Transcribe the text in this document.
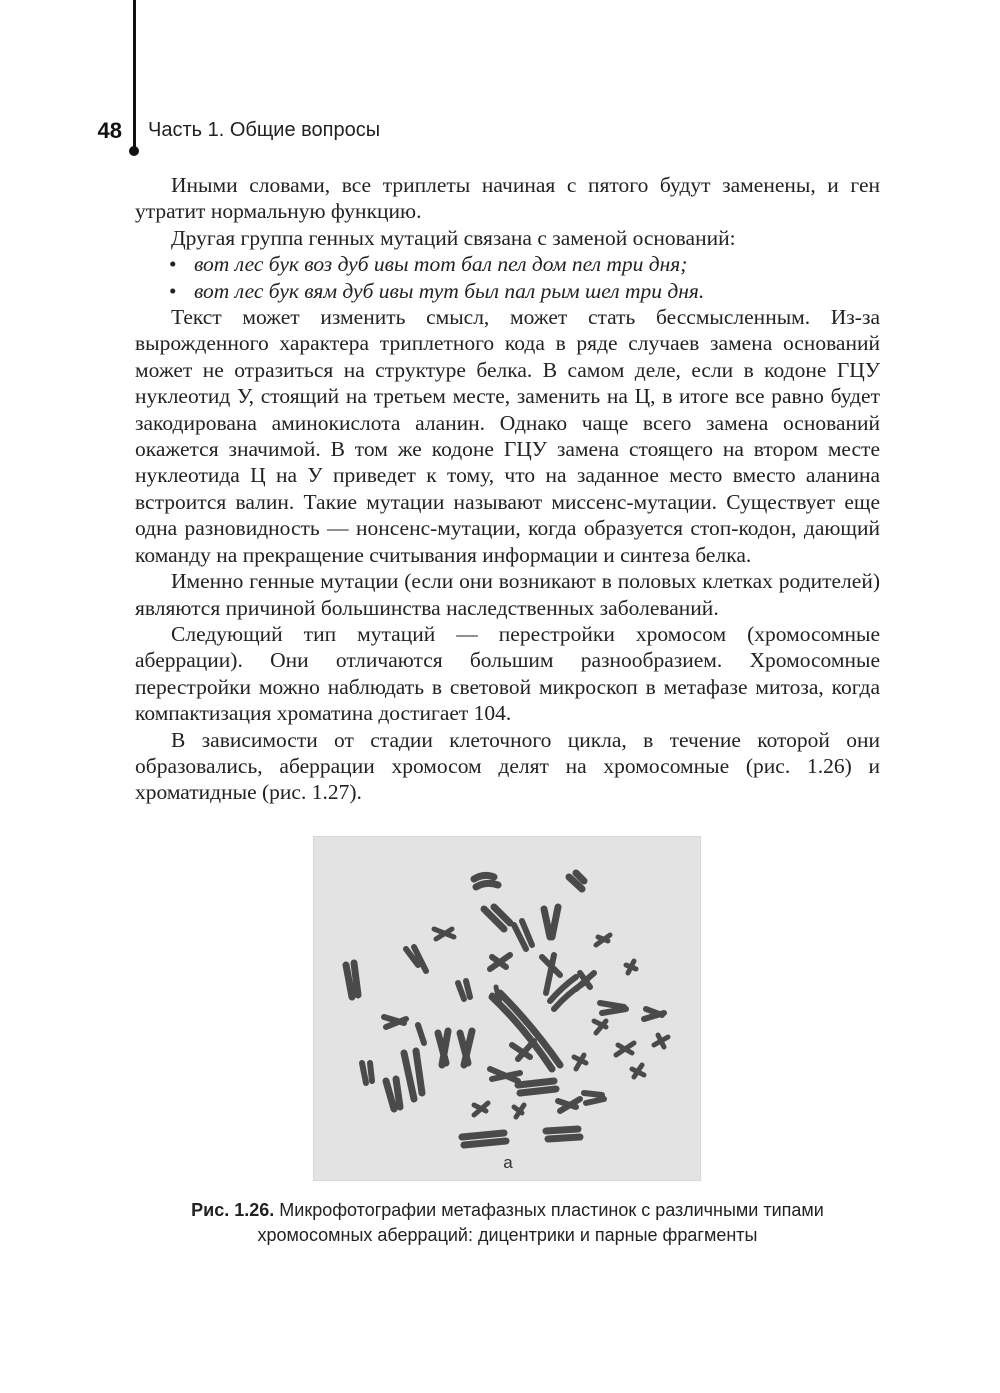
48 Часть 1. Общие вопросы

Иными словами, все триплеты начиная с пятого будут заменены, и ген утратит нормальную функцию.

Другая группа генных мутаций связана с заменой оснований:

• вот лес бук воз дуб ивы тот бал пел дом пел три дня;
• вот лес бук вям дуб ивы тут был пал рым шел три дня.

Текст может изменить смысл, может стать бессмысленным. Из-за вырожденного характера триплетного кода в ряде случаев замена оснований может не отразиться на структуре белка. В самом деле, если в кодоне ГЦУ нуклеотид У, стоящий на третьем месте, заменить на Ц, в итоге все равно будет закодирована аминокислота аланин. Однако чаще всего замена оснований окажется значимой. В том же кодоне ГЦУ замена стоящего на втором месте нуклеотида Ц на У приведет к тому, что на заданное место вместо аланина встроится валин. Такие мутации называют миссенс-мутации. Существует еще одна разновидность — нонсенс-мутации, когда образуется стоп-кодон, дающий команду на прекращение считывания информации и синтеза белка.

Именно генные мутации (если они возникают в половых клетках родителей) являются причиной большинства наследственных заболеваний.

Следующий тип мутаций — перестройки хромосом (хромосомные аберрации). Они отличаются большим разнообразием. Хромосомные перестройки можно наблюдать в световой микроскоп в метафазе митоза, когда компактизация хроматина достигает 104.

В зависимости от стадии клеточного цикла, в течение которой они образовались, аберрации хромосом делят на хромосомные (рис. 1.26) и хроматидные (рис. 1.27).

а
Рис. 1.26. Микрофотографии метафазных пластинок с различными типами хромосомных аберраций: дицентрики и парные фрагменты
